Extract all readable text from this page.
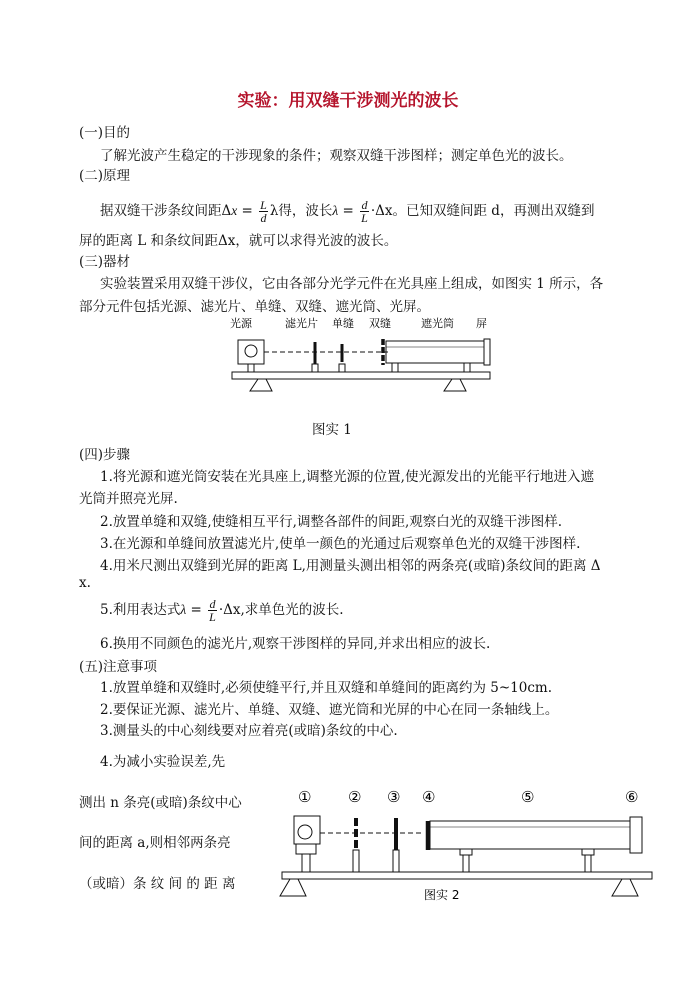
实验：用双缝干涉测光的波长
(一)目的
了解光波产生稳定的干涉现象的条件；观察双缝干涉图样；测定单色光的波长。
(二)原理
据双缝干涉条纹间距$\Delta x = \frac{L}{d}$ λ得，波长$\lambda = \frac{d}{L} \cdot\Delta x$。已知双缝间距 d，再测出双缝到
屏的距离 L 和条纹间距Δx，就可以求得光波的波长。
(三)器材
实验装置采用双缝干涉仪，它由各部分光学元件在光具座上组成，如图实 1 所示，各
部分元件包括光源、滤光片、单缝、双缝、遮光筒、光屏。
光源	滤光片 单缝 双缝	遮光筒 屏
图实 1
(四)步骤
1.将光源和遮光筒安装在光具座上,调整光源的位置,使光源发出的光能平行地进入遮
光筒并照亮光屏.
2.放置单缝和双缝,使缝相互平行,调整各部件的间距,观察白光的双缝干涉图样.
3.在光源和单缝间放置滤光片,使单一颜色的光通过后观察单色光的双缝干涉图样.
4.用米尺测出双缝到光屏的距离 L,用测量头测出相邻的两条亮(或暗)条纹间的距离 Δ
x.
5.利用表达式$\lambda = \frac{d}{L} \cdot\Delta x$,求单色光的波长.
6.换用不同颜色的滤光片,观察干涉图样的异同,并求出相应的波长.
(五)注意事项
1.放置单缝和双缝时,必须使缝平行,并且双缝和单缝间的距离约为 5~10cm.
2.要保证光源、滤光片、单缝、双缝、遮光筒和光屏的中心在同一条轴线上。
3.测量头的中心刻线要对应着亮(或暗)条纹的中心.
4.为减小实验误差,先
测出 n 条亮(或暗)条纹中心
间的距离 a,则相邻两条亮
（或暗）条 纹 间 的 距 离
① ② ③ ④	⑤	⑥
图实 2
